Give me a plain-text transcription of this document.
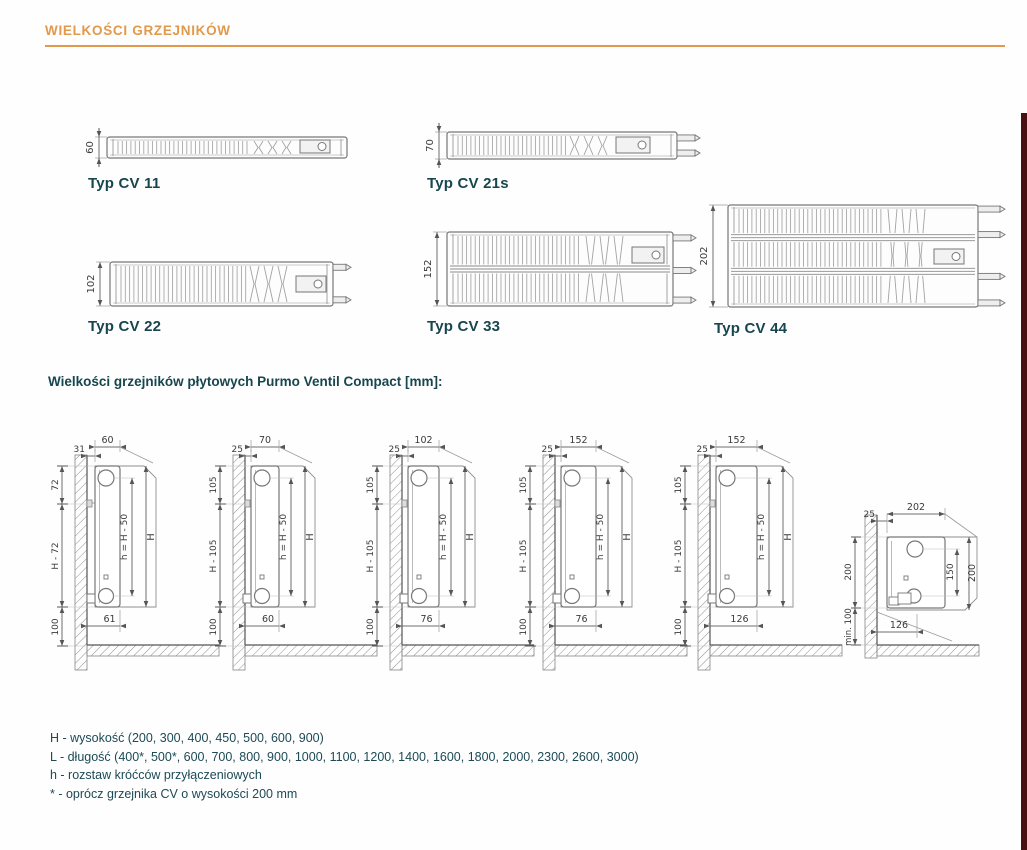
WIELKOŚCI GRZEJNIKÓW
60	70
102
152
202
31
60
72
H - 72
100
h = H - 50 H
61
25
70
105
H - 105
100
h = H - 50 H
60
25
102
105
H - 105
100
h = H - 50 H
76
25
152
105
H - 105
100
h = H - 50 H
76
25
152
105
H - 105
100
h = H - 50 H
126
25
202
200
min. 100
150 200
126
Typ CV 11	Typ CV 21s
Typ CV 22	Typ CV 33	Typ CV 44
Wielkości grzejników płytowych Purmo Ventil Compact [mm]:
H - wysokość (200, 300, 400, 450, 500, 600, 900)
L - długość (400*, 500*, 600, 700, 800, 900, 1000, 1100, 1200, 1400, 1600, 1800, 2000, 2300, 2600, 3000)
h - rozstaw króćców przyłączeniowych
* - oprócz grzejnika CV o wysokości 200 mm
